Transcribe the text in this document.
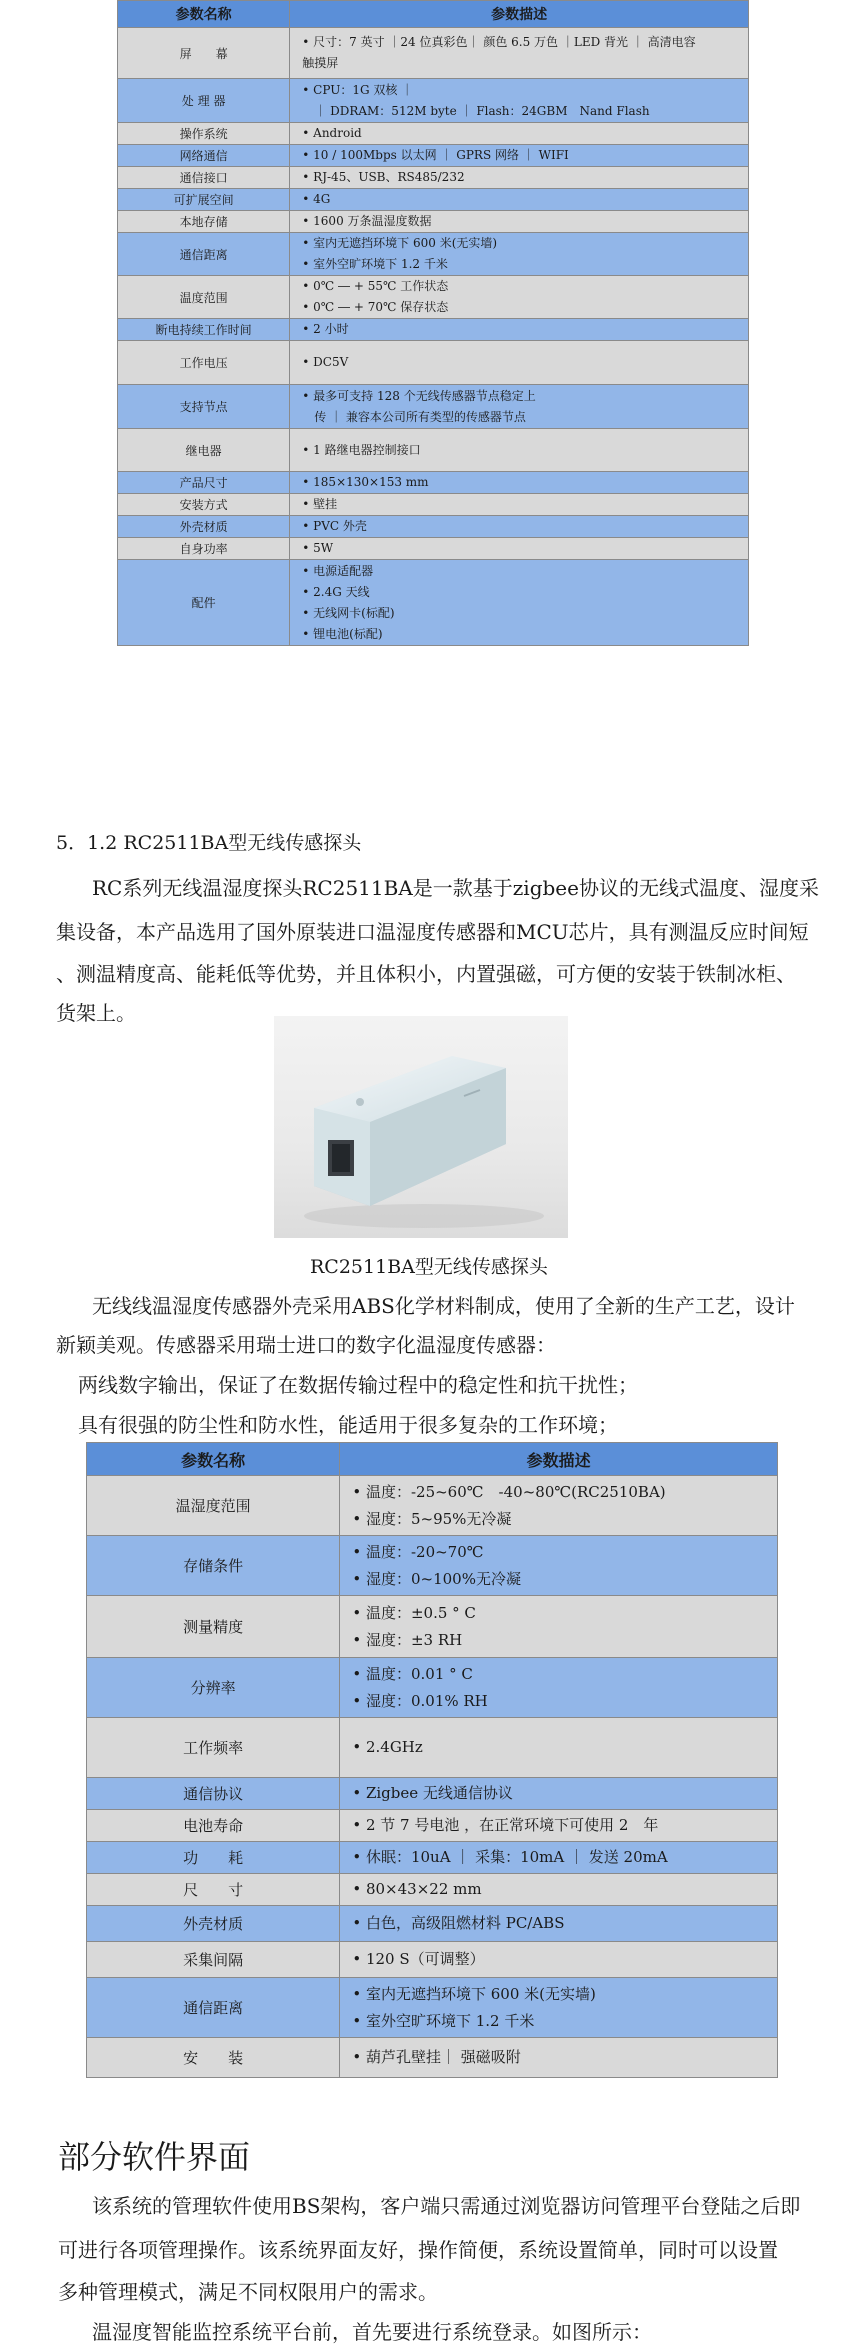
参数名称	参数描述
屏　　幕	• 尺寸：7 英寸 ｜24 位真彩色｜ 颜色 6.5 万色 ｜LED 背光 ｜ 高清电容
触摸屏

处 理 器	• CPU：1G 双核 ｜
　｜ DDRAM：512M byte ｜ Flash：24GBM　Nand Flash

操作系统	• Android

网络通信	• 10 / 100Mbps 以太网 ｜ GPRS 网络 ｜ WIFI

通信接口	• RJ-45、USB、RS485/232

可扩展空间	• 4G

本地存储	• 1600 万条温湿度数据

通信距离	• 室内无遮挡环境下 600 米(无实墙)
• 室外空旷环境下 1.2 千米

温度范围	• 0℃ ― + 55℃ 工作状态
• 0℃ ― + 70℃ 保存状态

断电持续工作时间	• 2 小时

工作电压	• DC5V

支持节点	• 最多可支持 128 个无线传感器节点稳定上
　传 ｜ 兼容本公司所有类型的传感器节点

继电器	• 1 路继电器控制接口

产品尺寸	• 185×130×153 mm

安装方式	• 壁挂

外壳材质	• PVC 外壳

自身功率	• 5W

配件	• 电源适配器
• 2.4G 天线
• 无线网卡(标配)
• 锂电池(标配)
5．1.2 RC2511BA型无线传感探头
RC系列无线温湿度探头RC2511BA是一款基于zigbee协议的无线式温度、湿度采
集设备，本产品选用了国外原装进口温湿度传感器和MCU芯片，具有测温反应时间短
、测温精度高、能耗低等优势，并且体积小，内置强磁，可方便的安装于铁制冰柜、
货架上。
RC2511BA型无线传感探头
无线线温湿度传感器外壳采用ABS化学材料制成，使用了全新的生产工艺，设计
新颖美观。传感器采用瑞士进口的数字化温湿度传感器：
两线数字输出，保证了在数据传输过程中的稳定性和抗干扰性；
具有很强的防尘性和防水性，能适用于很多复杂的工作环境；
参数名称	参数描述
温湿度范围	• 温度：-25~60℃　-40~80℃(RC2510BA)
• 湿度：5~95%无冷凝

存储条件	• 温度：-20~70℃
• 湿度：0~100%无冷凝

测量精度	• 温度：±0.5 ° C
• 湿度：±3 RH

分辨率	• 温度：0.01 ° C
• 湿度：0.01% RH

工作频率	• 2.4GHz

通信协议	• Zigbee 无线通信协议

电池寿命	• 2 节 7 号电池 ，在正常环境下可使用 2　年

功　　耗	• 休眠：10uA ｜ 采集：10mA ｜ 发送 20mA

尺　　寸	• 80×43×22 mm

外壳材质	• 白色，高级阻燃材料 PC/ABS

采集间隔	• 120 S（可调整）

通信距离	• 室内无遮挡环境下 600 米(无实墙)
• 室外空旷环境下 1.2 千米

安　　装	• 葫芦孔壁挂｜ 强磁吸附
部分软件界面
该系统的管理软件使用BS架构，客户端只需通过浏览器访问管理平台登陆之后即
可进行各项管理操作。该系统界面友好，操作简便，系统设置简单，同时可以设置
多种管理模式，满足不同权限用户的需求。
温湿度智能监控系统平台前，首先要进行系统登录。如图所示：
